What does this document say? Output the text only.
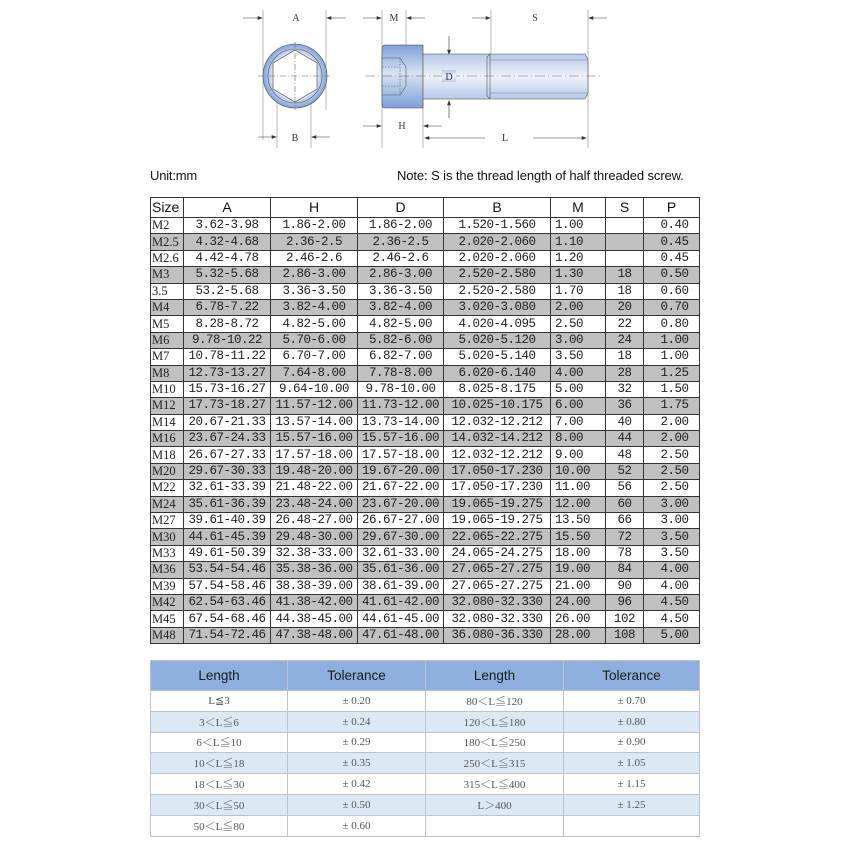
A
B
M	S
D
H
L
Unit:mm	Note: S is the thread length of half threaded screw.
Size	A	H	D	B	M	S	P
M2	3.62-3.98	1.86-2.00	1.86-2.00	1.520-1.560	1.00		0.40
M2.5	4.32-4.68	2.36-2.5	2.36-2.5	2.020-2.060	1.10		0.45
M2.6	4.42-4.78	2.46-2.6	2.46-2.6	2.020-2.060	1.20		0.45
M3	5.32-5.68	2.86-3.00	2.86-3.00	2.520-2.580	1.30	18	0.50
3.5	53.2-5.68	3.36-3.50	3.36-3.50	2.520-2.580	1.70	18	0.60
M4	6.78-7.22	3.82-4.00	3.82-4.00	3.020-3.080	2.00	20	0.70
M5	8.28-8.72	4.82-5.00	4.82-5.00	4.020-4.095	2.50	22	0.80
M6	9.78-10.22	5.70-6.00	5.82-6.00	5.020-5.120	3.00	24	1.00
M7	10.78-11.22	6.70-7.00	6.82-7.00	5.020-5.140	3.50	18	1.00
M8	12.73-13.27	7.64-8.00	7.78-8.00	6.020-6.140	4.00	28	1.25
M10	15.73-16.27	9.64-10.00	9.78-10.00	8.025-8.175	5.00	32	1.50
M12	17.73-18.27	11.57-12.00	11.73-12.00	10.025-10.175	6.00	36	1.75
M14	20.67-21.33	13.57-14.00	13.73-14.00	12.032-12.212	7.00	40	2.00
M16	23.67-24.33	15.57-16.00	15.57-16.00	14.032-14.212	8.00	44	2.00
M18	26.67-27.33	17.57-18.00	17.57-18.00	12.032-12.212	9.00	48	2.50
M20	29.67-30.33	19.48-20.00	19.67-20.00	17.050-17.230	10.00	52	2.50
M22	32.61-33.39	21.48-22.00	21.67-22.00	17.050-17.230	11.00	56	2.50
M24	35.61-36.39	23.48-24.00	23.67-20.00	19.065-19.275	12.00	60	3.00
M27	39.61-40.39	26.48-27.00	26.67-27.00	19.065-19.275	13.50	66	3.00
M30	44.61-45.39	29.48-30.00	29.67-30.00	22.065-22.275	15.50	72	3.50
M33	49.61-50.39	32.38-33.00	32.61-33.00	24.065-24.275	18.00	78	3.50
M36	53.54-54.46	35.38-36.00	35.61-36.00	27.065-27.275	19.00	84	4.00
M39	57.54-58.46	38.38-39.00	38.61-39.00	27.065-27.275	21.00	90	4.00
M42	62.54-63.46	41.38-42.00	41.61-42.00	32.080-32.330	24.00	96	4.50
M45	67.54-68.46	44.38-45.00	44.61-45.00	32.080-32.330	26.00	102	4.50
M48	71.54-72.46	47.38-48.00	47.61-48.00	36.080-36.330	28.00	108	5.00
Length	Tolerance	Length	Tolerance
L≦3	± 0.20	80＜L≦120	± 0.70
3＜L≦6	± 0.24	120＜L≦180	± 0.80
6＜L≦10	± 0.29	180＜L≦250	± 0.90
10＜L≦18	± 0.35	250＜L≦315	± 1.05
18＜L≦30	± 0.42	315＜L≦400	± 1.15
30＜L≦50	± 0.50	L＞400	± 1.25
50＜L≦80	± 0.60		
